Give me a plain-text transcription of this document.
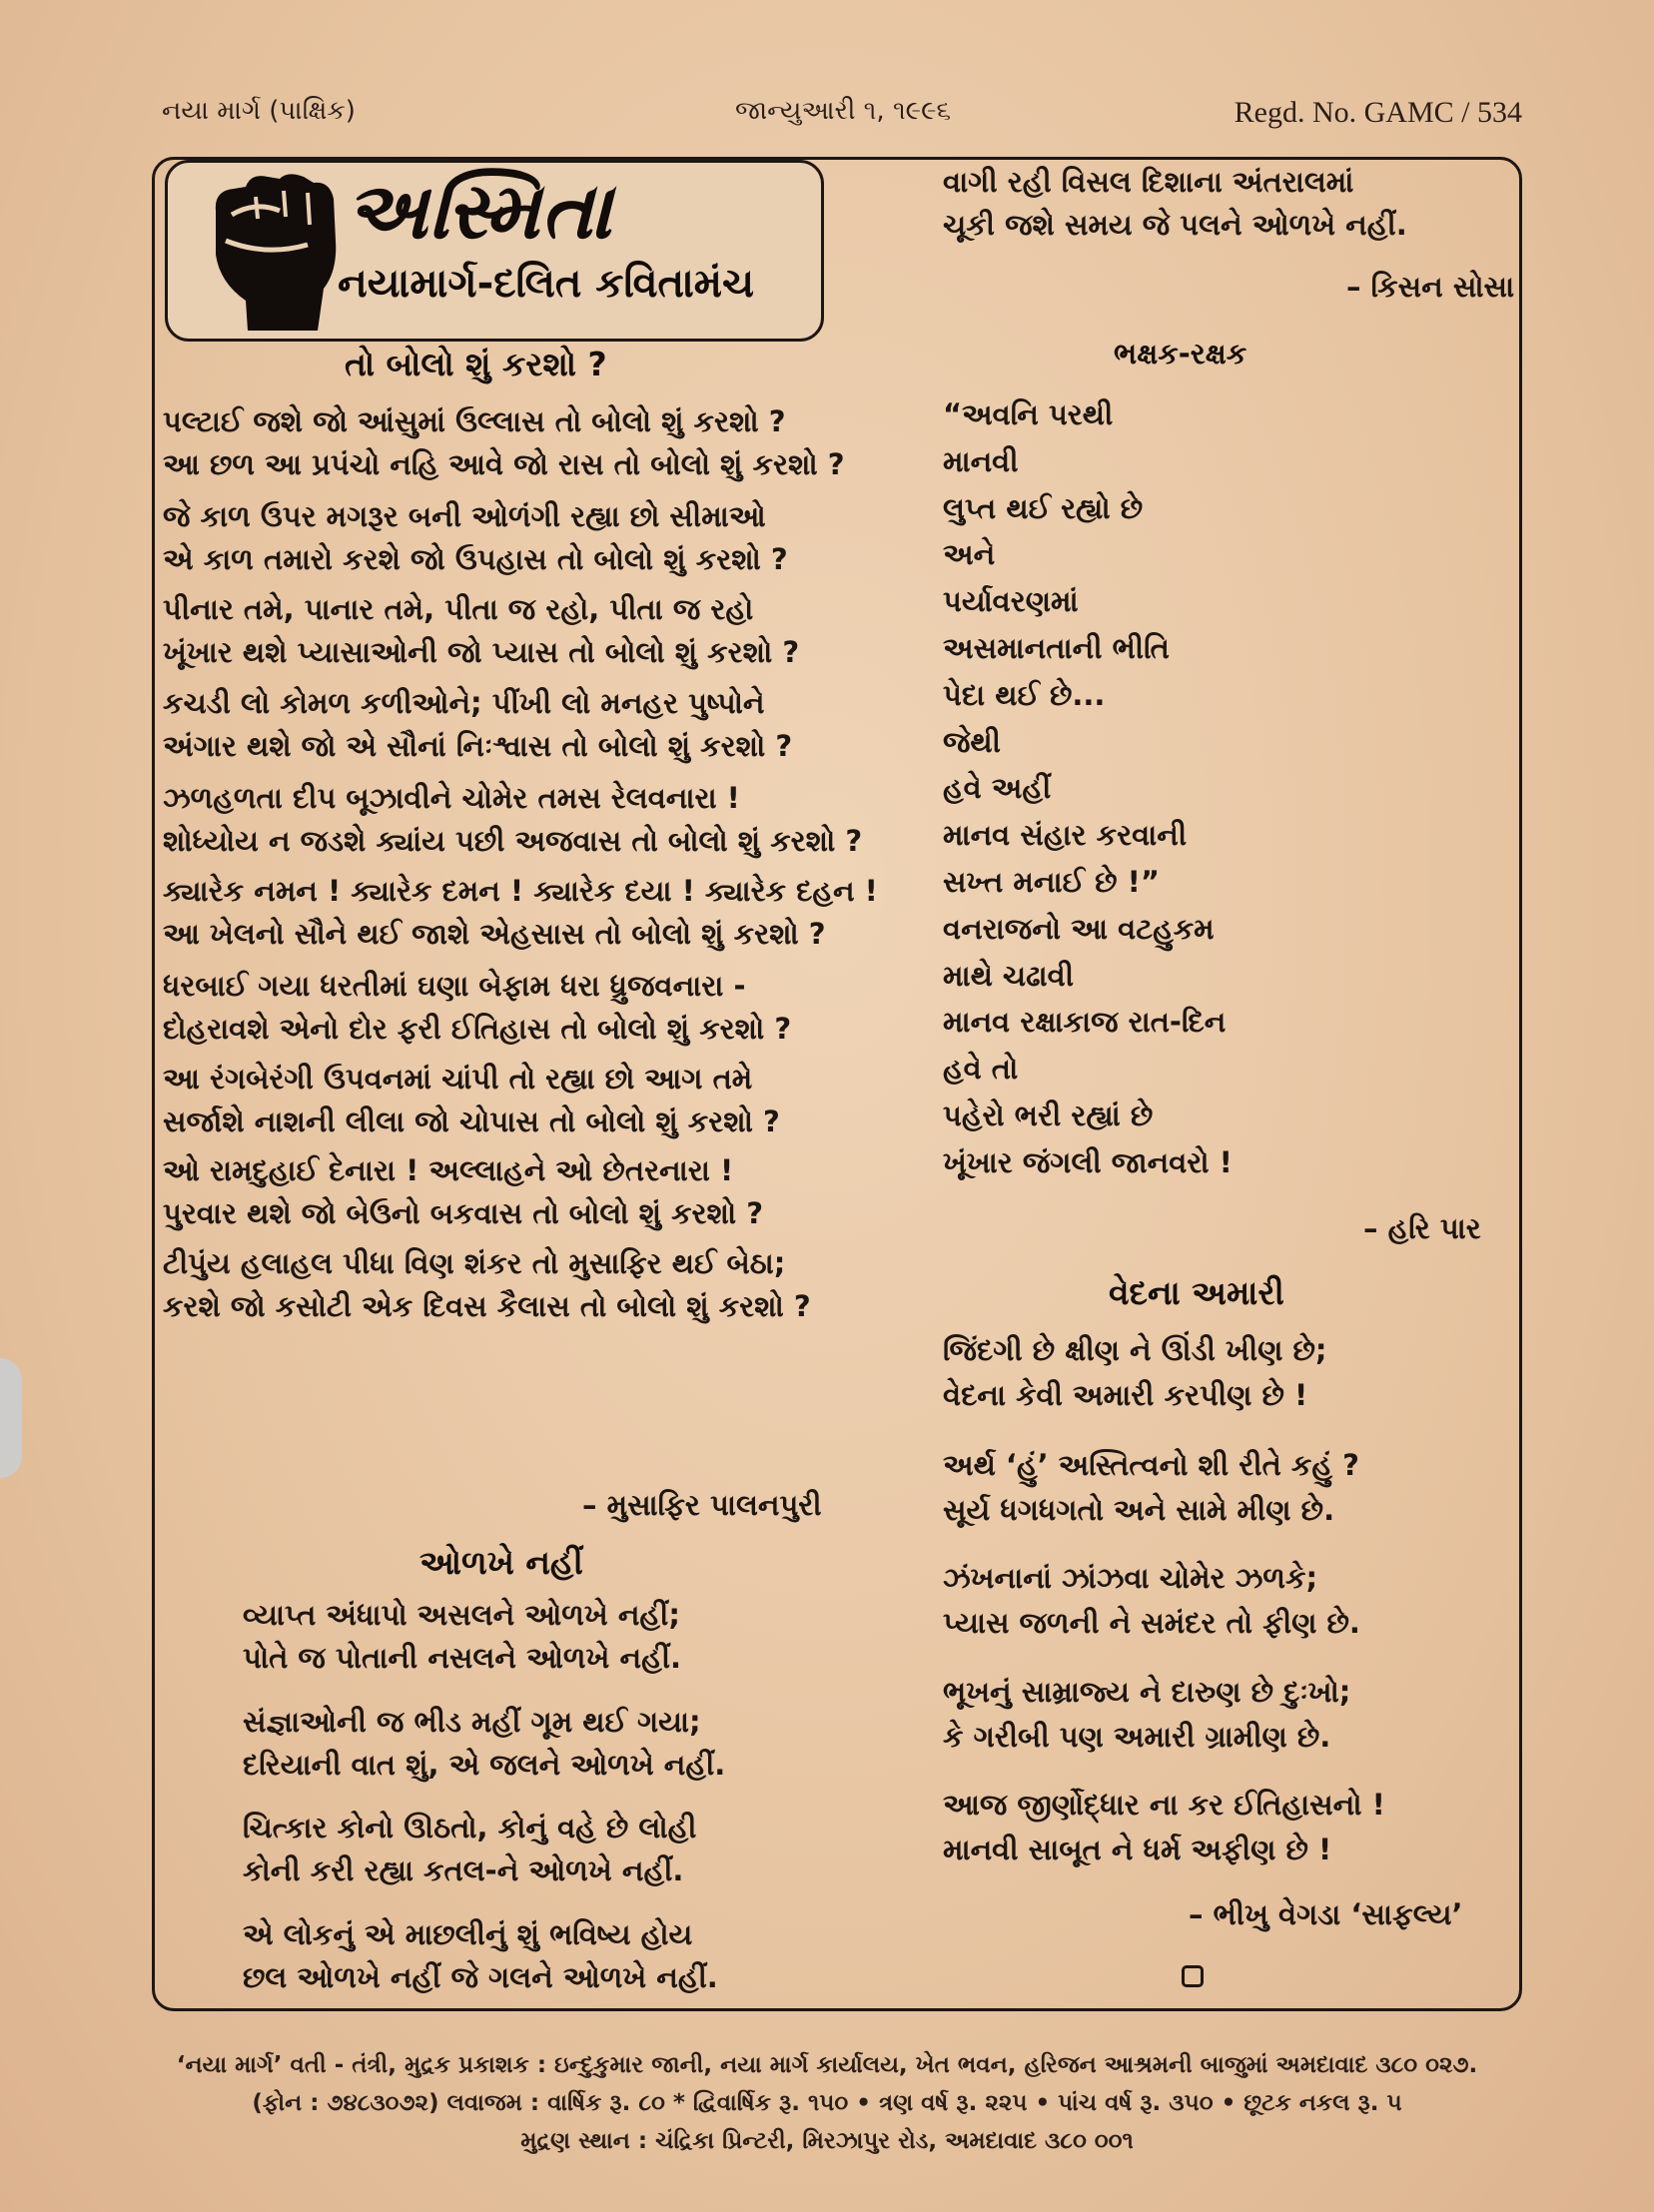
નયા માર્ગ (પાક્ષિક)	જાન્યુઆરી ૧, ૧૯૯૬	Regd. No. GAMC / 534
અસ્મિતા
નયામાર્ગ-દલિત કવિતામંચ
તો બોલો શું કરશો ?
પલ્ટાઈ જશે જો આંસુમાં ઉલ્લાસ તો બોલો શું કરશો ?
આ છળ આ પ્રપંચો નહિ આવે જો રાસ તો બોલો શું કરશો ?
જે કાળ ઉપર મગરૂર બની ઓળંગી રહ્યા છો સીમાઓ
એ કાળ તમારો કરશે જો ઉપહાસ તો બોલો શું કરશો ?
પીનાર તમે, પાનાર તમે, પીતા જ રહો, પીતા જ રહો
ખૂંખાર થશે પ્યાસાઓની જો પ્યાસ તો બોલો શું કરશો ?
કચડી લો કોમળ કળીઓને; પીંખી લો મનહર પુષ્પોને
અંગાર થશે જો એ સૌનાં નિઃશ્વાસ તો બોલો શું કરશો ?
ઝળહળતા દીપ બૂઝાવીને ચોમેર તમસ રેલવનારા !
શોધ્યોય ન જડશે ક્યાંય પછી અજવાસ તો બોલો શું કરશો ?
ક્યારેક નમન ! ક્યારેક દમન ! ક્યારેક દયા ! ક્યારેક દહન !
આ ખેલનો સૌને થઈ જાશે એહસાસ તો બોલો શું કરશો ?
ધરબાઈ ગયા ધરતીમાં ઘણા બેફામ ધરા ધ્રુજવનારા -
દોહરાવશે એનો દોર ફરી ઈતિહાસ તો બોલો શું કરશો ?
આ રંગબેરંગી ઉપવનમાં ચાંપી તો રહ્યા છો આગ તમે
સર્જાશે નાશની લીલા જો ચોપાસ તો બોલો શું કરશો ?
ઓ રામદુહાઈ દેનારા ! અલ્લાહને ઓ છેતરનારા !
પુરવાર થશે જો બેઉનો બકવાસ તો બોલો શું કરશો ?
ટીપુંય હલાહલ પીધા વિણ શંકર તો મુસાફિર થઈ બેઠા;
કરશે જો કસોટી એક દિવસ કૈલાસ તો બોલો શું કરશો ?
– મુસાફિર પાલનપુરી
ઓળખે નહીં
વ્યાપ્ત અંધાપો અસલને ઓળખે નહીં;
પોતે જ પોતાની નસલને ઓળખે નહીં.
સંજ્ઞાઓની જ ભીડ મહીં ગૂમ થઈ ગયા;
દરિયાની વાત શું, એ જલને ઓળખે નહીં.
ચિત્કાર કોનો ઊઠતો, કોનું વહે છે લોહી
કોની કરી રહ્યા કતલ-ને ઓળખે નહીં.
એ લોકનું એ માછલીનું શું ભવિષ્ય હોય
છલ ઓળખે નહીં જે ગલને ઓળખે નહીં.
વાગી રહી વિસલ દિશાના અંતરાલમાં
ચૂકી જશે સમય જે પલને ઓળખે નહીં.
– કિસન સોસા
ભક્ષક-રક્ષક
“અવનિ પરથી
માનવી
લુપ્ત થઈ રહ્યો છે
અને
પર્યાવરણમાં
અસમાનતાની ભીતિ
પેદા થઈ છે...
જેથી
હવે અહીં
માનવ સંહાર કરવાની
સખ્ત મનાઈ છે !”
વનરાજનો આ વટહુકમ
માથે ચઢાવી
માનવ રક્ષાકાજ રાત-દિન
હવે તો
પહેરો ભરી રહ્યાં છે
ખૂંખાર જંગલી જાનવરો !
– હરિ પાર
વેદના અમારી
જિંદગી છે ક્ષીણ ને ઊંડી ખીણ છે;
વેદના કેવી અમારી કરપીણ છે !
અર્થ ‘હું’ અસ્તિત્વનો શી રીતે કહું ?
સૂર્ય ધગધગતો અને સામે મીણ છે.
ઝંખનાનાં ઝાંઝવા ચોમેર ઝળકે;
પ્યાસ જળની ને સમંદર તો ફીણ છે.
ભૂખનું સામ્રાજ્ય ને દારુણ છે દુઃખો;
કે ગરીબી પણ અમારી ગ્રામીણ છે.
આજ જીર્ણોદ્ધાર ના કર ઈતિહાસનો !
માનવી સાબૂત ને ધર્મ અફીણ છે !
– ભીખુ વેગડા ‘સાફલ્ય’
‘નયા માર્ગ’ વતી - તંત્રી, મુદ્રક પ્રકાશક : ઇન્દુકુમાર જાની, નયા માર્ગ કાર્યાલય, ખેત ભવન, હરિજન આશ્રમની બાજુમાં અમદાવાદ ૩૮૦ ૦૨૭.
(ફોન : ૭૪૮૩૦૭૨) લવાજમ : વાર્ષિક રૂ. ૮૦ * દ્વિવાર્ષિક રૂ. ૧૫૦ • ત્રણ વર્ષ રૂ. ૨૨૫ • પાંચ વર્ષ રૂ. ૩૫૦ • છૂટક નકલ રૂ. ૫
મુદ્રણ સ્થાન : ચંદ્રિકા પ્રિન્ટરી, મિરઝાપુર રોડ, અમદાવાદ ૩૮૦ ૦૦૧
